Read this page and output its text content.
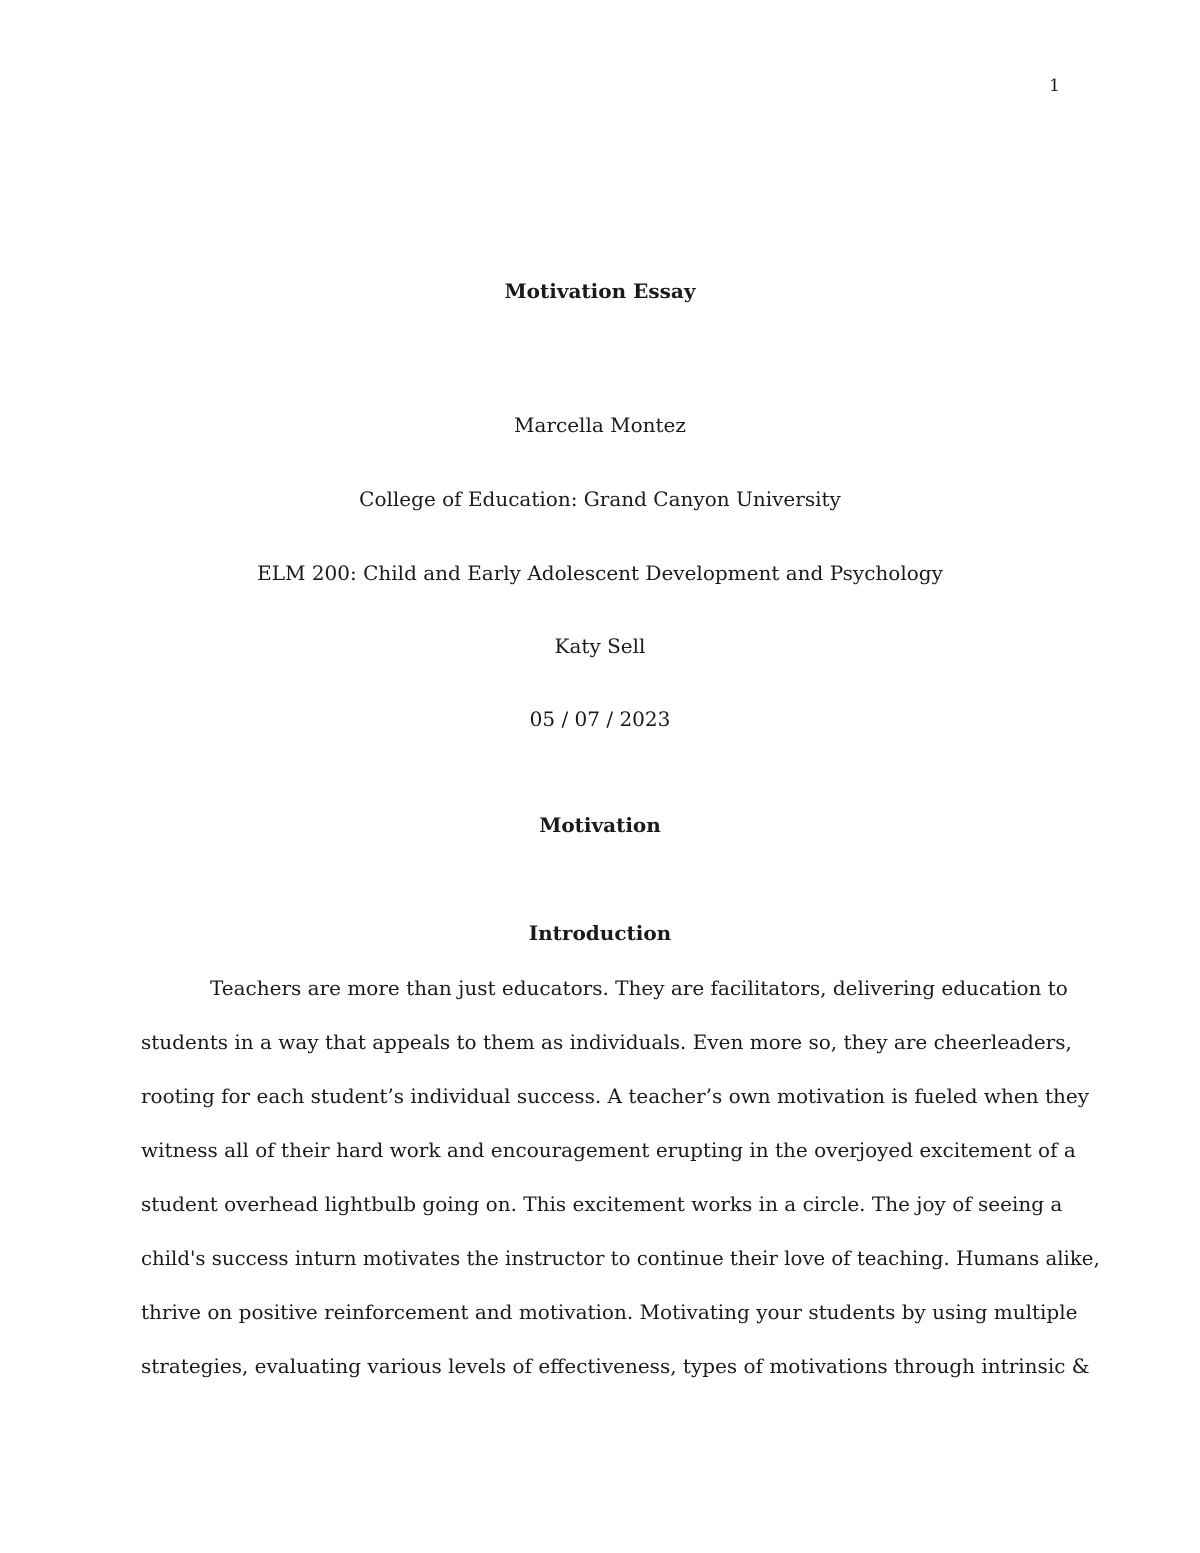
1
Motivation Essay
Marcella Montez
College of Education: Grand Canyon University
ELM 200: Child and Early Adolescent Development and Psychology
Katy Sell
05 / 07 / 2023
Motivation
Introduction
Teachers are more than just educators. They are facilitators, delivering education to
students in a way that appeals to them as individuals. Even more so, they are cheerleaders,
rooting for each student’s individual success. A teacher’s own motivation is fueled when they
witness all of their hard work and encouragement erupting in the overjoyed excitement of a
student overhead lightbulb going on. This excitement works in a circle. The joy of seeing a
child's success inturn motivates the instructor to continue their love of teaching. Humans alike,
thrive on positive reinforcement and motivation. Motivating your students by using multiple
strategies, evaluating various levels of effectiveness, types of motivations through intrinsic &
